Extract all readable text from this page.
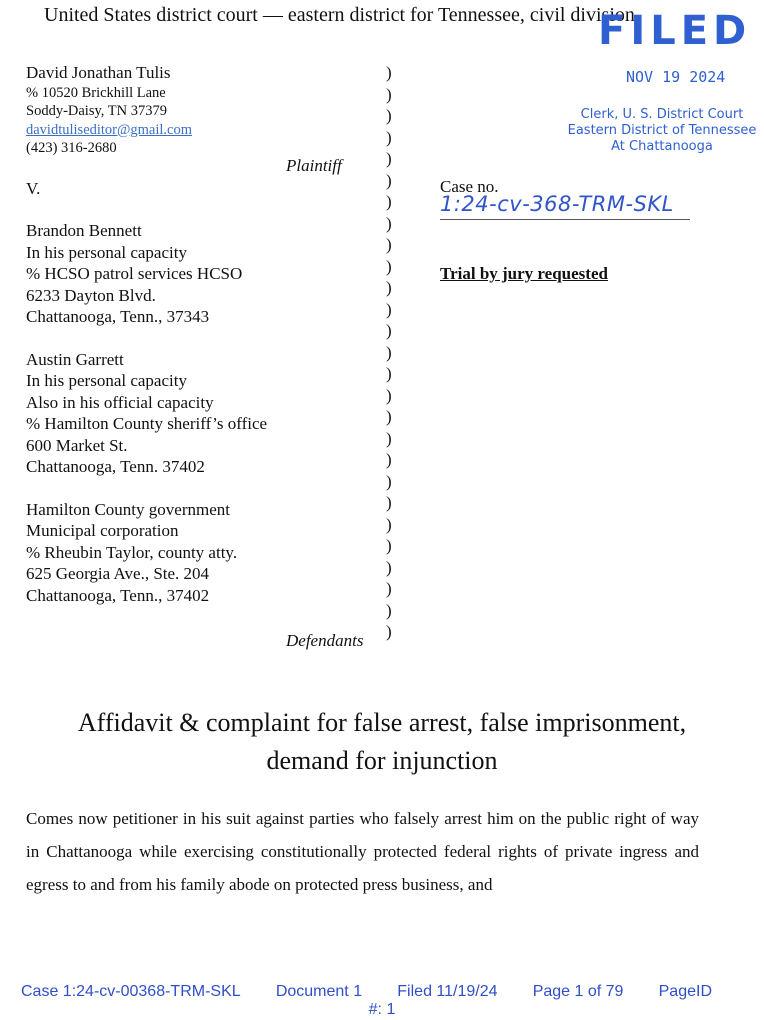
United States district court — eastern district for Tennessee, civil division
FILED
NOV 19 2024
Clerk, U. S. District Court
Eastern District of Tennessee
At Chattanooga
David Jonathan Tulis
% 10520 Brickhill Lane
Soddy-Daisy, TN 37379
davidtuliseditor@gmail.com
(423) 316-2680
V.
Brandon Bennett
In his personal capacity
% HCSO patrol services HCSO
6233 Dayton Blvd.
Chattanooga, Tenn., 37343
Austin Garrett
In his personal capacity
Also in his official capacity
% Hamilton County sheriff’s office
600 Market St.
Chattanooga, Tenn. 37402
Hamilton County government
Municipal corporation
% Rheubin Taylor, county atty.
625 Georgia Ave., Ste. 204
Chattanooga, Tenn., 37402
Plaintiff
Defendants
)
)
)
)
)
)
)
)
)
)
)
)
)
)
)
)
)
)
)
)
)
)
)
)
)
)
)
Case no.
1:24-cv-368-TRM-SKL
Trial by jury requested
Affidavit & complaint for false arrest, false imprisonment,
demand for injunction
Comes now petitioner in his suit against parties who falsely arrest him on the public right of way in Chattanooga while exercising constitutionally protected federal rights of private ingress and egress to and from his family abode on protected press business, and
Case 1:24-cv-00368-TRM-SKL Document 1 Filed 11/19/24 Page 1 of 79 PageID
#: 1
